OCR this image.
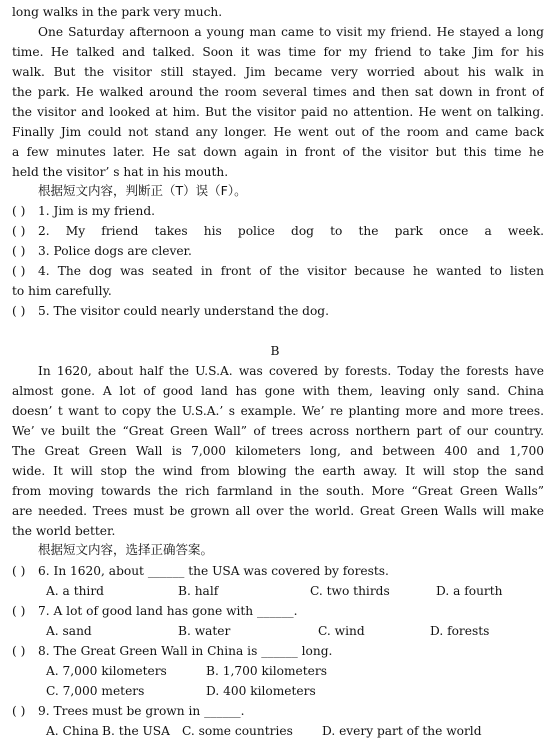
long walks in the park very much.
One Saturday afternoon a young man came to visit my friend. He stayed a long
time. He talked and talked. Soon it was time for my friend to take Jim for his
walk. But the visitor still stayed. Jim became very worried about his walk in
the park. He walked around the room several times and then sat down in front of
the visitor and looked at him. But the visitor paid no attention. He went on talking.
Finally Jim could not stand any longer. He went out of the room and came back
a few minutes later. He sat down again in front of the visitor but this time he
held the visitor’ s hat in his mouth.
根据短文内容，判断正（T）误（F）。
( )	1. Jim is my friend.
( )	2. My friend takes his police dog to the park once a week.
( )	3. Police dogs are clever.
( )	4. The dog was seated in front of the visitor because he wanted to listen
to him carefully.
( )	5. The visitor could nearly understand the dog.
B
In 1620, about half the U.S.A. was covered by forests. Today the forests have
almost gone. A lot of good land has gone with them, leaving only sand. China
doesn’ t want to copy the U.S.A.’ s example. We’ re planting more and more trees.
We’ ve built the “Great Green Wall” of trees across northern part of our country.
The Great Green Wall is 7,000 kilometers long, and between 400 and 1,700
wide. It will stop the wind from blowing the earth away. It will stop the sand
from moving towards the rich farmland in the south. More “Great Green Walls”
are needed. Trees must be grown all over the world. Great Green Walls will make
the world better.
根据短文内容，选择正确答案。
( )	6. In 1620, about ______ the USA was covered by forests.
A. a third	B. half	C. two thirds	D. a fourth
( )	7. A lot of good land has gone with ______.
A. sand	B. water	C. wind	D. forests
( )	8. The Great Green Wall in China is ______ long.
A. 7,000 kilometers	B. 1,700 kilometers
C. 7,000 meters	D. 400 kilometers
( )	9. Trees must be grown in ______.
A. China B. the USA C. some countries	D. every part of the world
